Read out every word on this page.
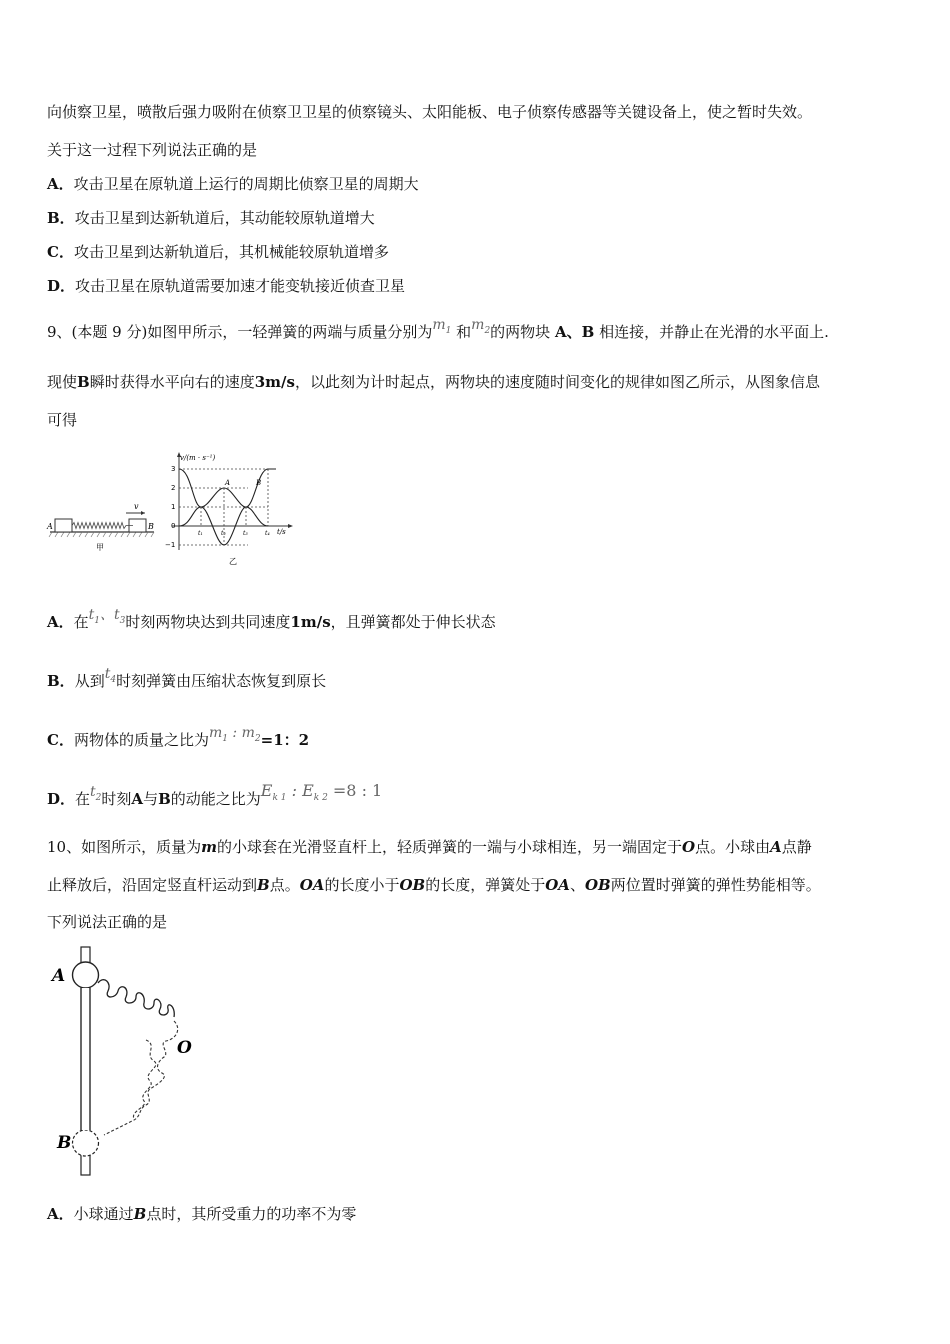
向侦察卫星，喷散后强力吸附在侦察卫卫星的侦察镜头、太阳能板、电子侦察传感器等关键设备上，使之暂时失效。
关于这一过程下列说法正确的是
A．攻击卫星在原轨道上运行的周期比侦察卫星的周期大
B．攻击卫星到达新轨道后，其动能较原轨道增大
C．攻击卫星到达新轨道后，其机械能较原轨道增多
D．攻击卫星在原轨道需要加速才能变轨接近侦查卫星
9、(本题 9 分)如图甲所示，一轻弹簧的两端与质量分别为$m_1$ 和$m_2$的两物块 A、B 相连接，并静止在光滑的水平面上.
现使B瞬时获得水平向右的速度3m/s，以此刻为计时起点，两物块的速度随时间变化的规律如图乙所示，从图象信息
可得
v
A	B
甲
v/(m · s⁻¹)
t/s
3
2
1
0
−1
A	B
t₁	t₂	t₃	t₄
乙
A．在$t_1$、$t_3$时刻两物块达到共同速度1m/s，且弹簧都处于伸长状态
B．从到$t_4$时刻弹簧由压缩状态恢复到原长
C．两物体的质量之比为$m_1$ : $m_2=1$：2
D．在$t_2$时刻A与B的动能之比为$E_{k 1}$ : $E_{k 2} =8$ : 1
10、如图所示，质量为m的小球套在光滑竖直杆上，轻质弹簧的一端与小球相连，另一端固定于O点。小球由A点静
止释放后，沿固定竖直杆运动到B点。OA的长度小于OB的长度，弹簧处于OA、OB两位置时弹簧的弹性势能相等。
下列说法正确的是
A
B
O
A．小球通过B点时，其所受重力的功率不为零
